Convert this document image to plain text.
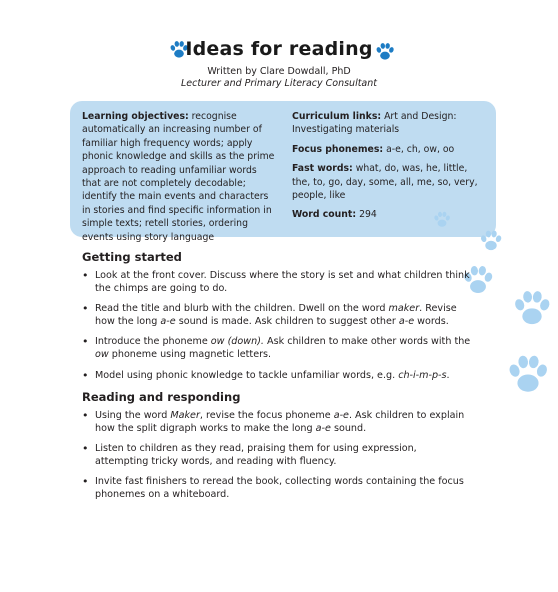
Ideas for reading
Written by Clare Dowdall, PhD
Lecturer and Primary Literacy Consultant
Learning objectives: recognise automatically an increasing number of familiar high frequency words; apply phonic knowledge and skills as the prime approach to reading unfamiliar words that are not completely decodable; identify the main events and characters in stories and find specific information in simple texts; retell stories, ordering events using story language

Curriculum links: Art and Design: Investigating materials

Focus phonemes: a-e, ch, ow, oo

Fast words: what, do, was, he, little, the, to, go, day, some, all, me, so, very, people, like

Word count: 294

Getting started
• Look at the front cover. Discuss where the story is set and what children think the chimps are going to do.
• Read the title and blurb with the children. Dwell on the word maker. Revise how the long a-e sound is made. Ask children to suggest other a-e words.
• Introduce the phoneme ow (down). Ask children to make other words with the ow phoneme using magnetic letters.
• Model using phonic knowledge to tackle unfamiliar words, e.g. ch-i-m-p-s.
Reading and responding
• Using the word Maker, revise the focus phoneme a-e. Ask children to explain how the split digraph works to make the long a-e sound.
• Listen to children as they read, praising them for using expression, attempting tricky words, and reading with fluency.
• Invite fast finishers to reread the book, collecting words containing the focus phonemes on a whiteboard.
